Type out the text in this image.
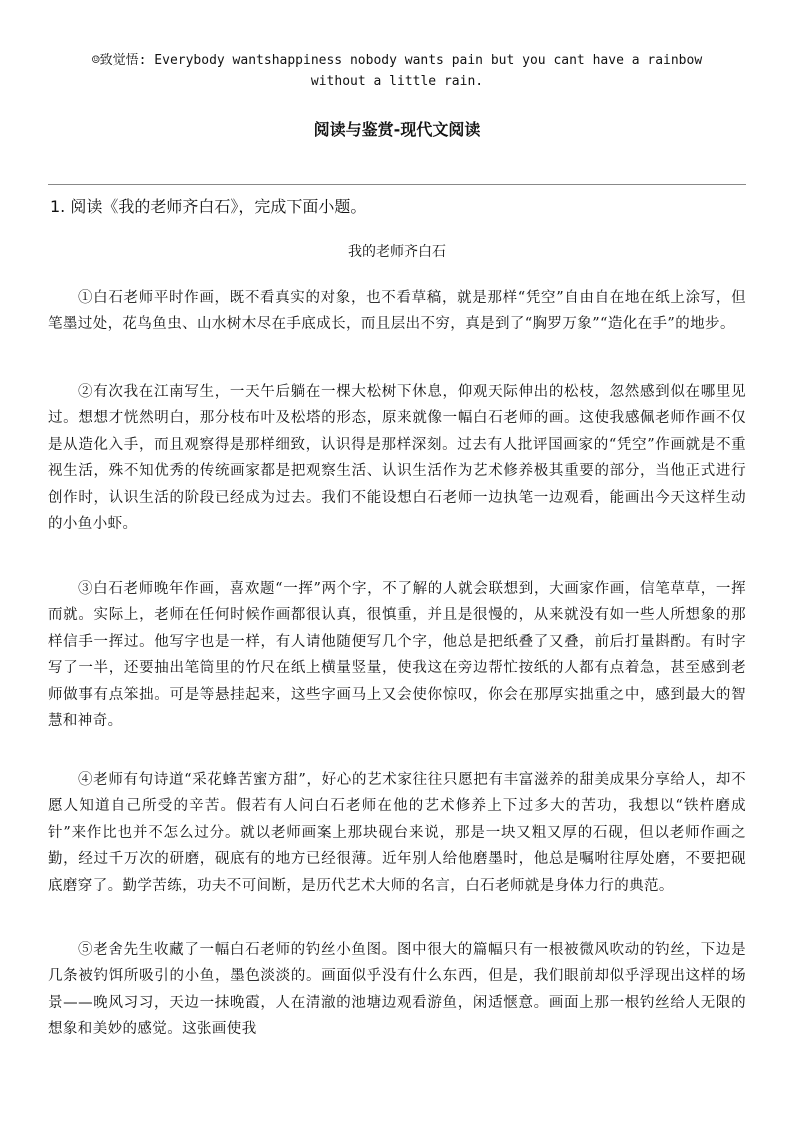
☺致觉悟: Everybody wantshappiness nobody wants pain but you cant have a rainbow without a little rain.
阅读与鉴赏-现代文阅读
1. 阅读《我的老师齐白石》，完成下面小题。
我的老师齐白石
①白石老师平时作画，既不看真实的对象，也不看草稿，就是那样“凭空”自由自在地在纸上涂写，但笔墨过处，花鸟鱼虫、山水树木尽在手底成长，而且层出不穷，真是到了“胸罗万象”“造化在手”的地步。
②有次我在江南写生，一天午后躺在一棵大松树下休息，仰观天际伸出的松枝，忽然感到似在哪里见过。想想才恍然明白，那分枝布叶及松塔的形态，原来就像一幅白石老师的画。这使我感佩老师作画不仅是从造化入手，而且观察得是那样细致，认识得是那样深刻。过去有人批评国画家的“凭空”作画就是不重视生活，殊不知优秀的传统画家都是把观察生活、认识生活作为艺术修养极其重要的部分，当他正式进行创作时，认识生活的阶段已经成为过去。我们不能设想白石老师一边执笔一边观看，能画出今天这样生动的小鱼小虾。
③白石老师晚年作画，喜欢题“一挥”两个字，不了解的人就会联想到，大画家作画，信笔草草，一挥而就。实际上，老师在任何时候作画都很认真，很慎重，并且是很慢的，从来就没有如一些人所想象的那样信手一挥过。他写字也是一样，有人请他随便写几个字，他总是把纸叠了又叠，前后打量斟酌。有时字写了一半，还要抽出笔筒里的竹尺在纸上横量竖量，使我这在旁边帮忙按纸的人都有点着急，甚至感到老师做事有点笨拙。可是等悬挂起来，这些字画马上又会使你惊叹，你会在那厚实拙重之中，感到最大的智慧和神奇。
④老师有句诗道“采花蜂苦蜜方甜”，好心的艺术家往往只愿把有丰富滋养的甜美成果分享给人，却不愿人知道自己所受的辛苦。假若有人问白石老师在他的艺术修养上下过多大的苦功，我想以“铁杵磨成针”来作比也并不怎么过分。就以老师画案上那块砚台来说，那是一块又粗又厚的石砚，但以老师作画之勤，经过千万次的研磨，砚底有的地方已经很薄。近年别人给他磨墨时，他总是嘱咐往厚处磨，不要把砚底磨穿了。勤学苦练，功夫不可间断，是历代艺术大师的名言，白石老师就是身体力行的典范。
⑤老舍先生收藏了一幅白石老师的钓丝小鱼图。图中很大的篇幅只有一根被微风吹动的钓丝，下边是几条被钓饵所吸引的小鱼，墨色淡淡的。画面似乎没有什么东西，但是，我们眼前却似乎浮现出这样的场景——晚风习习，天边一抹晚霞，人在清澈的池塘边观看游鱼，闲适惬意。画面上那一根钓丝给人无限的想象和美妙的感觉。这张画使我
